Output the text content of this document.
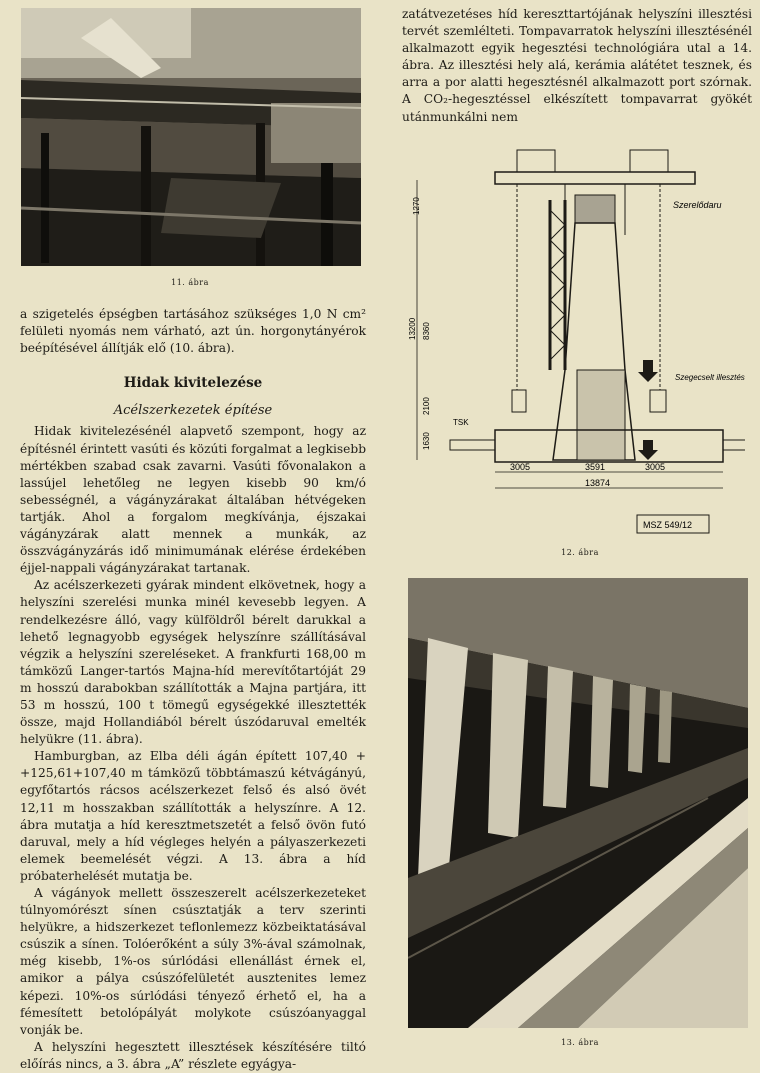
11. ábra
3005	3591	3005
13874
1270
13200 8360
2100
1630
TSK
Szerelődaru
Szegecselt illesztés
MSZ 549/12
12. ábra
13. ábra

zatátvezetéses híd kereszttartójának helyszíni illesztési tervét szemlélteti. Tompavarratok helyszíni illesztésénél alkalmazott egyik hegesztési technológiára utal a 14. ábra. Az illesztési hely alá, kerámia alátétet tesznek, és arra a por alatti hegesztésnél alkalmazott port szórnak. A CO₂-hegesztéssel elkészített tompavarrat gyökét utánmunkálni nem

a szigetelés épségben tartásához szükséges 1,0 N cm² felületi nyomás nem várható, azt ún. horgonytányérok beépítésével állítják elő (10. ábra).

Hidak kivitelezése
Acélszerkezetek építése

Hidak kivitelezésénél alapvető szempont, hogy az építésnél érintett vasúti és közúti forgalmat a legkisebb mértékben szabad csak zavarni. Vasúti fővonalakon a lassújel lehetőleg ne legyen kisebb 90 km/ó sebességnél, a vágányzárakat általában hétvégeken tartják. Ahol a forgalom megkívánja, éjszakai vágányzárak alatt mennek a munkák, az összvágányzárás idő minimumának elérése érdekében éjjel-nappali vágányzárakat tartanak.

Az acélszerkezeti gyárak mindent elkövetnek, hogy a helyszíni szerelési munka minél kevesebb legyen. A rendelkezésre álló, vagy külföldről bérelt darukkal a lehető legnagyobb egységek helyszínre szállításával végzik a helyszíni szereléseket. A frankfurti 168,00 m támközű Langer-tartós Majna-híd merevítőtartóját 29 m hosszú darabokban szállították a Majna partjára, itt 53 m hosszú, 100 t tömegű egységekké illesztették össze, majd Hollandiából bérelt úszódaruval emelték helyükre (11. ábra).

Hamburgban, az Elba déli ágán épített 107,40 + +125,61+107,40 m támközű többtámaszú kétvágányú, egyfőtartós rácsos acélszerkezet felső és alsó övét 12,11 m hosszakban szállították a helyszínre. A 12. ábra mutatja a híd keresztmetszetét a felső övön futó daruval, mely a híd végleges helyén a pályaszerkezeti elemek beemelését végzi. A 13. ábra a híd próbaterhelését mutatja be.

A vágányok mellett összeszerelt acélszerkezeteket túlnyomórészt sínen csúsztatják a terv szerinti helyükre, a hidszerkezet teflonlemezz közbeiktatásával csúszik a sínen. Tolóerőként a súly 3%-ával számolnak, még kisebb, 1%-os súrlódási ellenállást érnek el, amikor a pálya csúszófelületét ausztenites lemez képezi. 10%-os súrlódási tényező érhető el, ha a fémesített betolópályát molykote csúszóanyaggal vonják be.

A helyszíni hegesztett illesztések készítésére tiltó előírás nincs, a 3. ábra „A” részlete egyágya-
